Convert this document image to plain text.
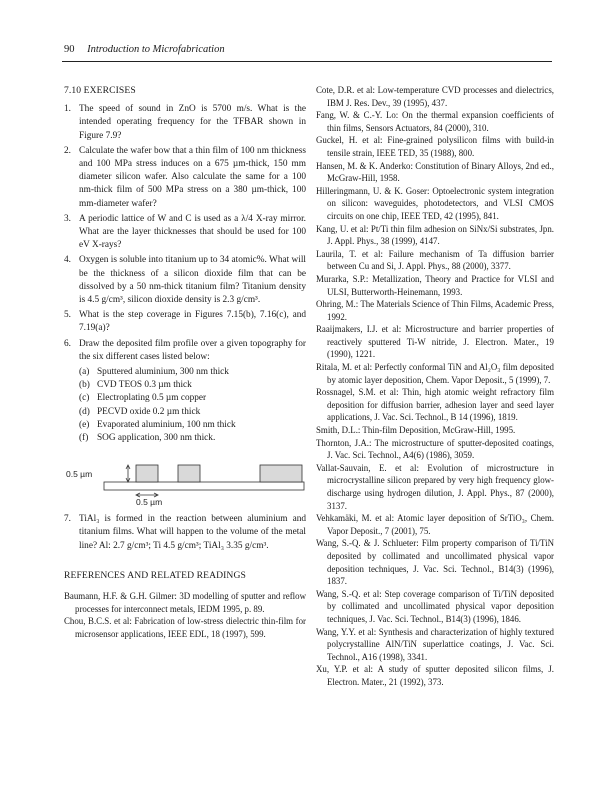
90 Introduction to Microfabrication
7.10 EXERCISES
1. The speed of sound in ZnO is 5700 m/s. What is the intended operating frequency for the TFBAR shown in Figure 7.9?
2. Calculate the wafer bow that a thin film of 100 nm thickness and 100 MPa stress induces on a 675 µm-thick, 150 mm diameter silicon wafer. Also calculate the same for a 100 nm-thick film of 500 MPa stress on a 380 µm-thick, 100 mm-diameter wafer?
3. A periodic lattice of W and C is used as a λ/4 X-ray mirror. What are the layer thicknesses that should be used for 100 eV X-rays?
4. Oxygen is soluble into titanium up to 34 atomic%. What will be the thickness of a silicon dioxide film that can be dissolved by a 50 nm-thick titanium film? Titanium density is 4.5 g/cm³, silicon dioxide density is 2.3 g/cm³.
5. What is the step coverage in Figures 7.15(b), 7.16(c), and 7.19(a)?
6. Draw the deposited film profile over a given topography for the six different cases listed below:
(a) Sputtered aluminium, 300 nm thick
(b) CVD TEOS 0.3 µm thick
(c) Electroplating 0.5 µm copper
(d) PECVD oxide 0.2 µm thick
(e) Evaporated aluminium, 100 nm thick
(f) SOG application, 300 nm thick.
0.5 µm
0.5 µm
7. TiAl₃ is formed in the reaction between aluminium and titanium films. What will happen to the volume of the metal line? Al: 2.7 g/cm³; Ti 4.5 g/cm³; TiAl₃ 3.35 g/cm³.
REFERENCES AND RELATED READINGS

Baumann, H.F. & G.H. Gilmer: 3D modelling of sputter and reflow processes for interconnect metals, IEDM 1995, p. 89.

Chou, B.C.S. et al: Fabrication of low-stress dielectric thin-film for microsensor applications, IEEE EDL, 18 (1997), 599.

Cote, D.R. et al: Low-temperature CVD processes and dielectrics, IBM J. Res. Dev., 39 (1995), 437.

Fang, W. & C.-Y. Lo: On the thermal expansion coefficients of thin films, Sensors Actuators, 84 (2000), 310.

Guckel, H. et al: Fine-grained polysilicon films with build-in tensile strain, IEEE TED, 35 (1988), 800.

Hansen, M. & K. Anderko: Constitution of Binary Alloys, 2nd ed., McGraw-Hill, 1958.

Hilleringmann, U. & K. Goser: Optoelectronic system integration on silicon: waveguides, photodetectors, and VLSI CMOS circuits on one chip, IEEE TED, 42 (1995), 841.

Kang, U. et al: Pt/Ti thin film adhesion on SiNx/Si substrates, Jpn. J. Appl. Phys., 38 (1999), 4147.

Laurila, T. et al: Failure mechanism of Ta diffusion barrier between Cu and Si, J. Appl. Phys., 88 (2000), 3377.

Murarka, S.P.: Metallization, Theory and Practice for VLSI and ULSI, Butterworth-Heinemann, 1993.

Ohring, M.: The Materials Science of Thin Films, Academic Press, 1992.

Raaijmakers, I.J. et al: Microstructure and barrier properties of reactively sputtered Ti-W nitride, J. Electron. Mater., 19 (1990), 1221.

Ritala, M. et al: Perfectly conformal TiN and Al₂O₃ film deposited by atomic layer deposition, Chem. Vapor Deposit., 5 (1999), 7.

Rossnagel, S.M. et al: Thin, high atomic weight refractory film deposition for diffusion barrier, adhesion layer and seed layer applications, J. Vac. Sci. Technol., B 14 (1996), 1819.

Smith, D.L.: Thin-film Deposition, McGraw-Hill, 1995.

Thornton, J.A.: The microstructure of sputter-deposited coatings, J. Vac. Sci. Technol., A4(6) (1986), 3059.

Vallat-Sauvain, E. et al: Evolution of microstructure in microcrystalline silicon prepared by very high frequency glow-discharge using hydrogen dilution, J. Appl. Phys., 87 (2000), 3137.

Vehkamäki, M. et al: Atomic layer deposition of SrTiO₃, Chem. Vapor Deposit., 7 (2001), 75.

Wang, S.-Q. & J. Schlueter: Film property comparison of Ti/TiN deposited by collimated and uncollimated physical vapor deposition techniques, J. Vac. Sci. Technol., B14(3) (1996), 1837.

Wang, S.-Q. et al: Step coverage comparison of Ti/TiN deposited by collimated and uncollimated physical vapor deposition techniques, J. Vac. Sci. Technol., B14(3) (1996), 1846.

Wang, Y.Y. et al: Synthesis and characterization of highly textured polycrystalline AlN/TiN superlattice coatings, J. Vac. Sci. Technol., A16 (1998), 3341.

Xu, Y.P. et al: A study of sputter deposited silicon films, J. Electron. Mater., 21 (1992), 373.
